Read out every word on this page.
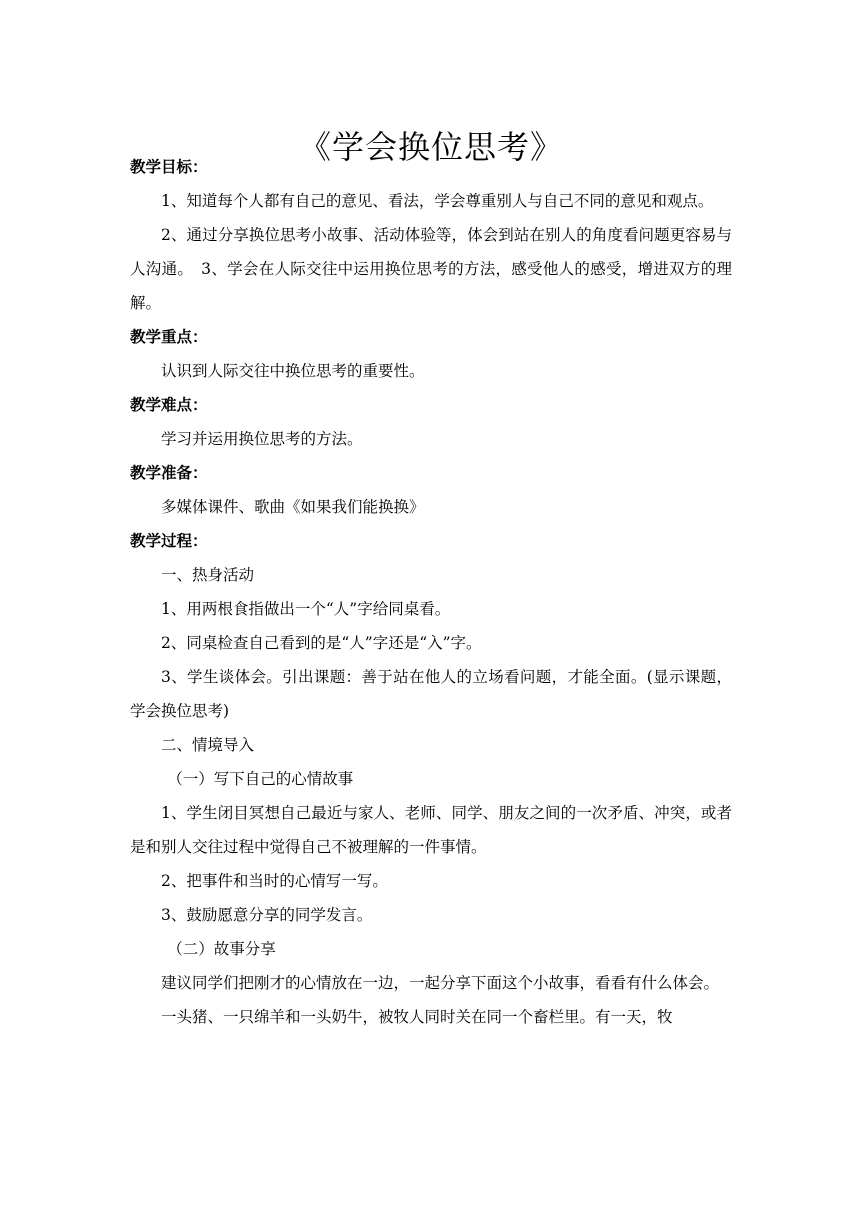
《学会换位思考》

教学目标：

1、知道每个人都有自己的意见、看法，学会尊重别人与自己不同的意见和观点。

2、通过分享换位思考小故事、活动体验等，体会到站在别人的角度看问题更容易与人沟通。　3、学会在人际交往中运用换位思考的方法，感受他人的感受，增进双方的理解。

教学重点：

认识到人际交往中换位思考的重要性。

教学难点：

学习并运用换位思考的方法。

教学准备：

多媒体课件、歌曲《如果我们能换换》

教学过程：

一、热身活动

1、用两根食指做出一个“人”字给同桌看。

2、同桌检查自己看到的是“人”字还是“入”字。

3、学生谈体会。引出课题：善于站在他人的立场看问题，才能全面。(显示课题，学会换位思考)

二、情境导入

（一）写下自己的心情故事

1、学生闭目冥想自己最近与家人、老师、同学、朋友之间的一次矛盾、冲突，或者是和别人交往过程中觉得自己不被理解的一件事情。

2、把事件和当时的心情写一写。

3、鼓励愿意分享的同学发言。

（二）故事分享

建议同学们把刚才的心情放在一边，一起分享下面这个小故事，看看有什么体会。

一头猪、一只绵羊和一头奶牛，被牧人同时关在同一个畜栏里。有一天，牧
